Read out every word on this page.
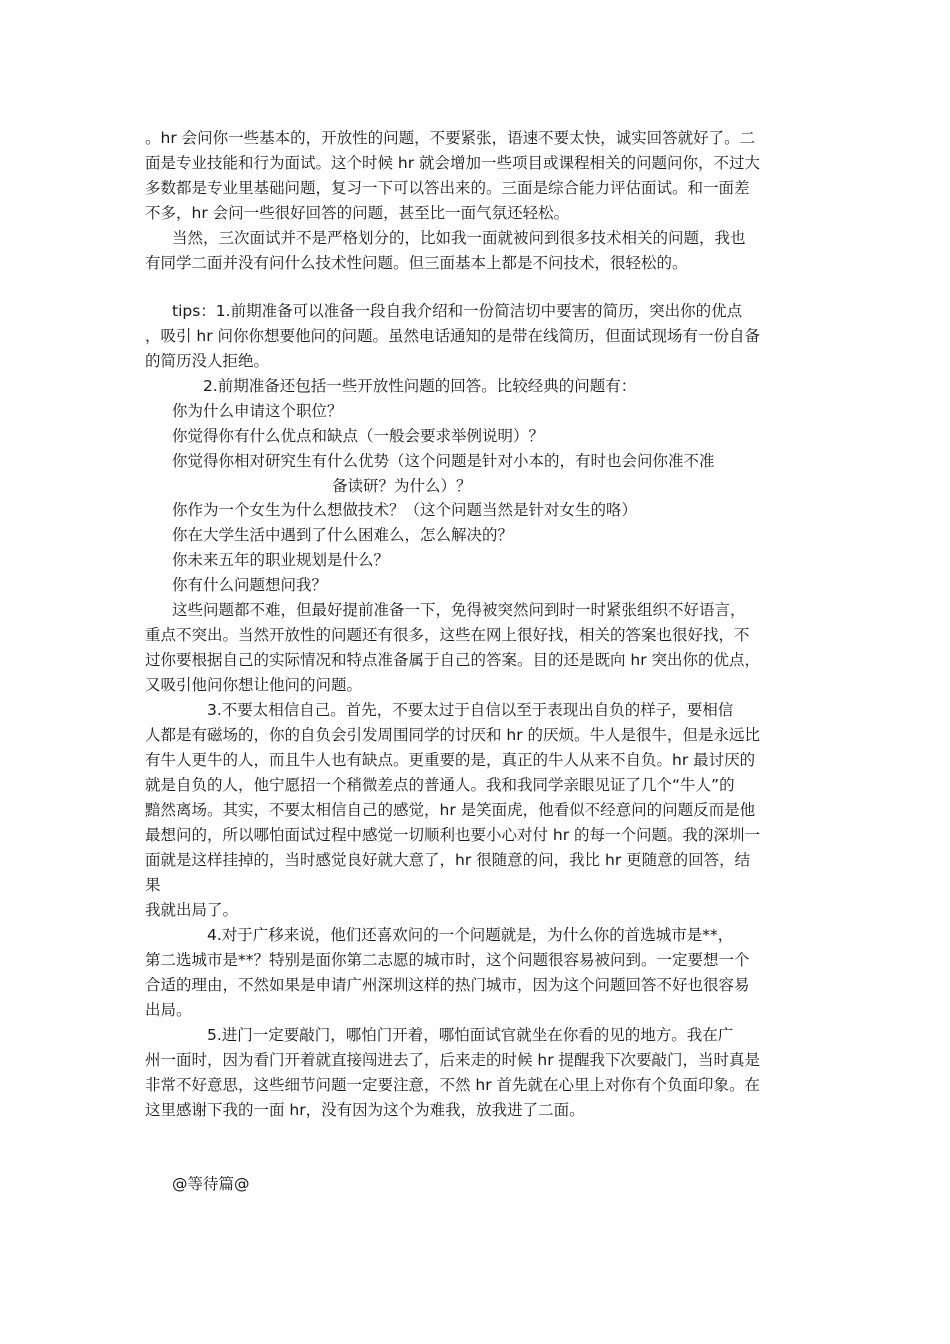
。hr 会问你一些基本的，开放性的问题，不要紧张，语速不要太快，诚实回答就好了。二
面是专业技能和行为面试。这个时候 hr 就会增加一些项目或课程相关的问题问你，不过大
多数都是专业里基础问题，复习一下可以答出来的。三面是综合能力评估面试。和一面差
不多，hr 会问一些很好回答的问题，甚至比一面气氛还轻松。
当然，三次面试并不是严格划分的，比如我一面就被问到很多技术相关的问题，我也
有同学二面并没有问什么技术性问题。但三面基本上都是不问技术，很轻松的。
tips：1.前期准备可以准备一段自我介绍和一份简洁切中要害的简历，突出你的优点
，吸引 hr 问你你想要他问的问题。虽然电话通知的是带在线简历，但面试现场有一份自备
的简历没人拒绝。
2.前期准备还包括一些开放性问题的回答。比较经典的问题有：
你为什么申请这个职位？
你觉得你有什么优点和缺点（一般会要求举例说明）？
你觉得你相对研究生有什么优势（这个问题是针对小本的，有时也会问你准不准
备读研？为什么）？
你作为一个女生为什么想做技术？（这个问题当然是针对女生的咯）
你在大学生活中遇到了什么困难么，怎么解决的？
你未来五年的职业规划是什么？
你有什么问题想问我？
这些问题都不难，但最好提前准备一下，免得被突然问到时一时紧张组织不好语言，
重点不突出。当然开放性的问题还有很多，这些在网上很好找，相关的答案也很好找，不
过你要根据自己的实际情况和特点准备属于自己的答案。目的还是既向 hr 突出你的优点，
又吸引他问你想让他问的问题。
3.不要太相信自己。首先，不要太过于自信以至于表现出自负的样子，要相信
人都是有磁场的，你的自负会引发周围同学的讨厌和 hr 的厌烦。牛人是很牛，但是永远比
有牛人更牛的人，而且牛人也有缺点。更重要的是，真正的牛人从来不自负。hr 最讨厌的
就是自负的人，他宁愿招一个稍微差点的普通人。我和我同学亲眼见证了几个“牛人”的
黯然离场。其实，不要太相信自己的感觉，hr 是笑面虎，他看似不经意问的问题反而是他
最想问的，所以哪怕面试过程中感觉一切顺利也要小心对付 hr 的每一个问题。我的深圳一
面就是这样挂掉的，当时感觉良好就大意了，hr 很随意的问，我比 hr 更随意的回答，结
果
我就出局了。
4.对于广移来说，他们还喜欢问的一个问题就是，为什么你的首选城市是**，
第二选城市是**？特别是面你第二志愿的城市时，这个问题很容易被问到。一定要想一个
合适的理由，不然如果是申请广州深圳这样的热门城市，因为这个问题回答不好也很容易
出局。
5.进门一定要敲门，哪怕门开着，哪怕面试官就坐在你看的见的地方。我在广
州一面时，因为看门开着就直接闯进去了，后来走的时候 hr 提醒我下次要敲门，当时真是
非常不好意思，这些细节问题一定要注意，不然 hr 首先就在心里上对你有个负面印象。在
这里感谢下我的一面 hr，没有因为这个为难我，放我进了二面。
@等待篇@
